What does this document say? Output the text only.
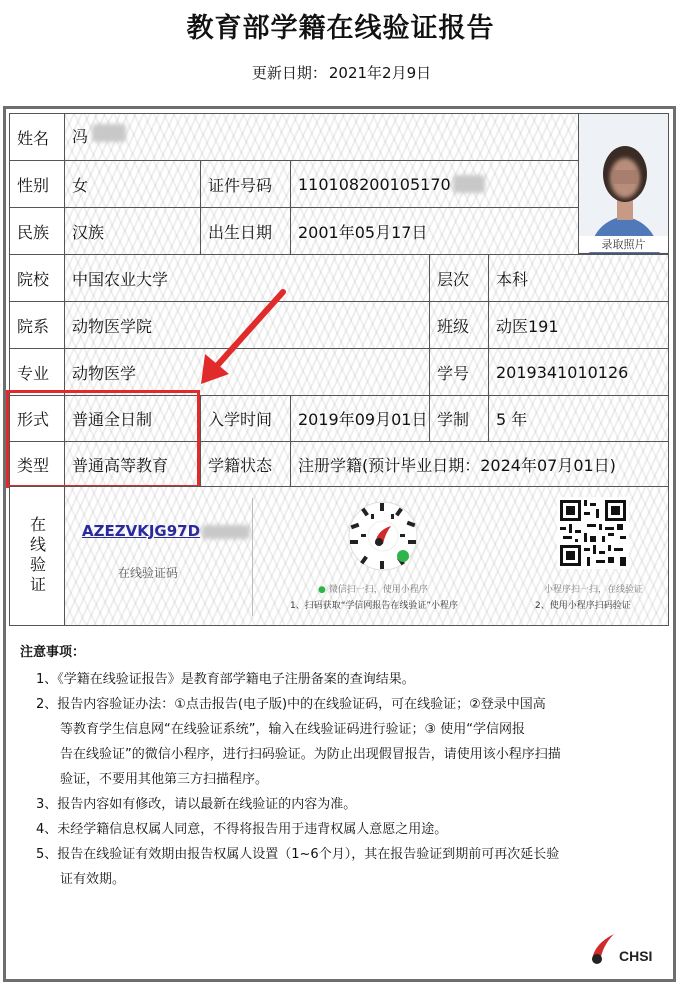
教育部学籍在线验证报告
更新日期： 2021年2月9日
姓名 冯
性别 女	证件号码 110108200105170
民族 汉族	出生日期 2001年05月17日
录取照片
院校 中国农业大学	层次 本科
院系 动物医学院	班级 动医191
专业 动物医学	学号 2019341010126
形式 普通全日制	入学时间 2019年09月01日 学制 5 年
类型 普通高等教育 学籍状态 注册学籍(预计毕业日期：2024年07月01日)
在线验证 AZEZVKJG97D
在线验证码
● 微信扫一扫，使用小程序
1、扫码获取“学信网报告在线验证”小程序
小程序扫一扫，在线验证
2、使用小程序扫码验证
注意事项：

1、《学籍在线验证报告》是教育部学籍电子注册备案的查询结果。

2、报告内容验证办法：①点击报告(电子版)中的在线验证码，可在线验证；②登录中国高

等教育学生信息网“在线验证系统”，输入在线验证码进行验证；③ 使用“学信网报

告在线验证”的微信小程序，进行扫码验证。为防止出现假冒报告，请使用该小程序扫描

验证，不要用其他第三方扫描程序。

3、报告内容如有修改，请以最新在线验证的内容为准。

4、未经学籍信息权属人同意，不得将报告用于违背权属人意愿之用途。

5、报告在线验证有效期由报告权属人设置（1~6个月），其在报告验证到期前可再次延长验

证有效期。

CHSI
